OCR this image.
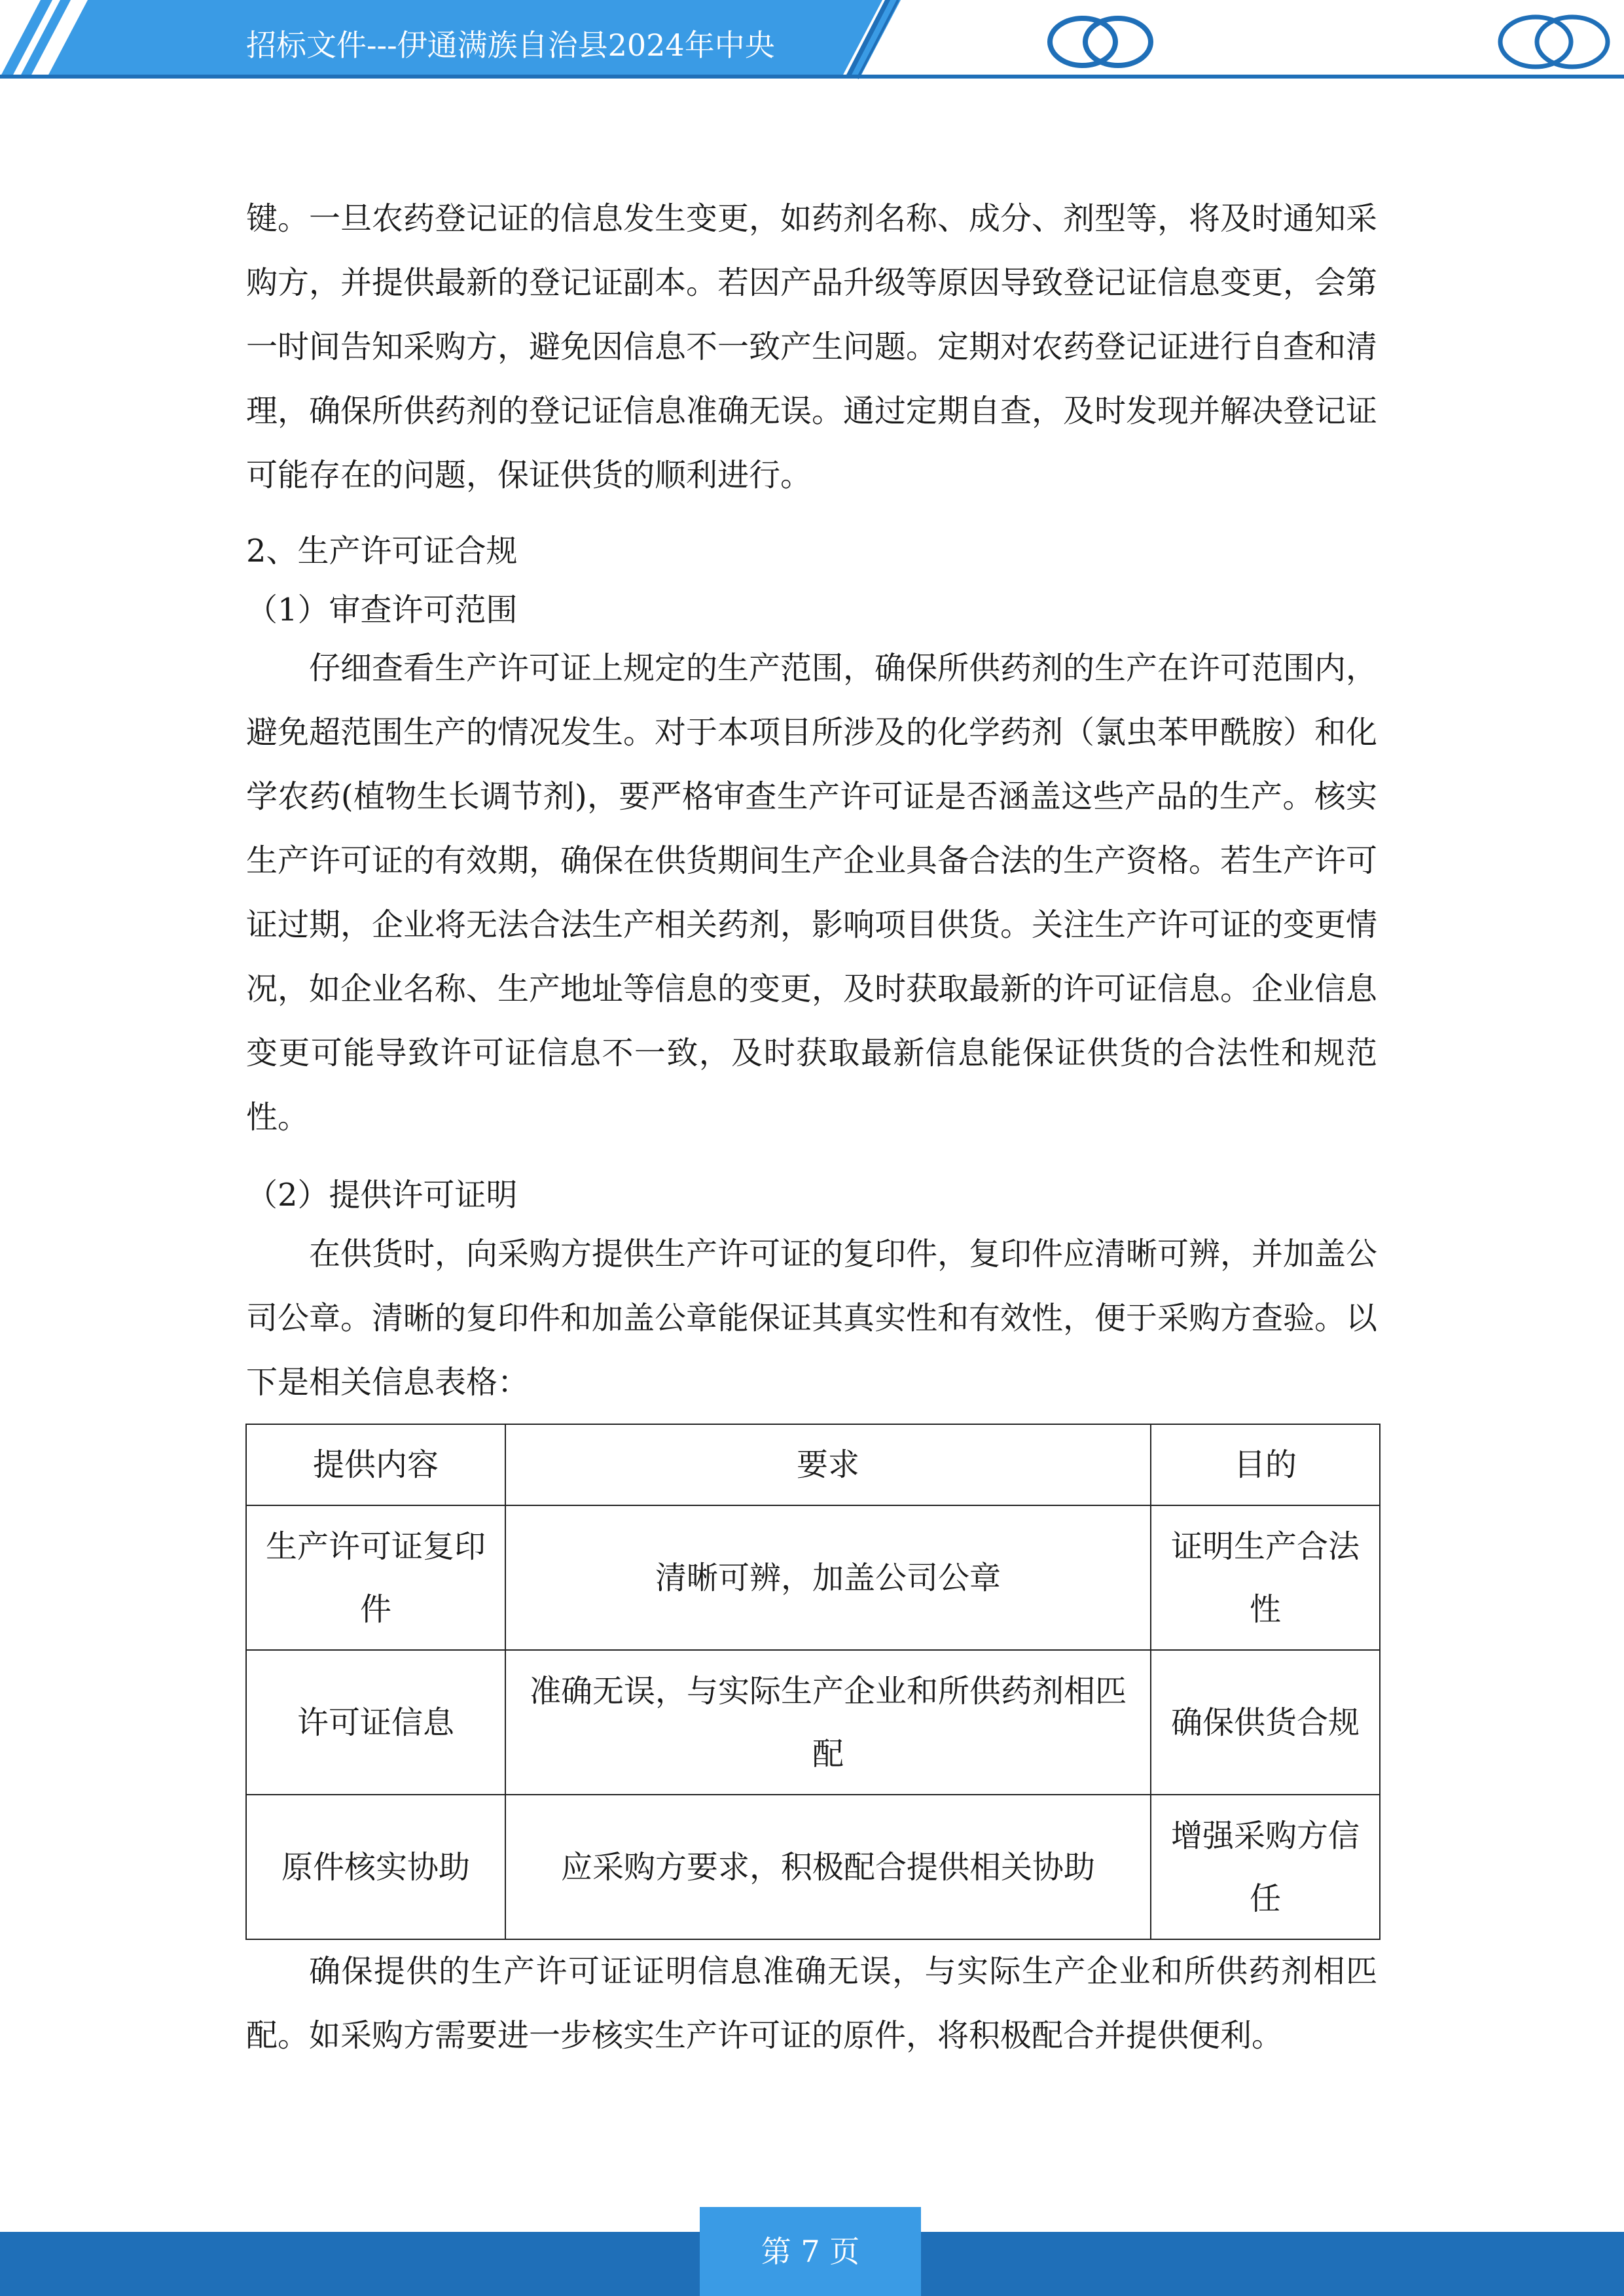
招标文件---伊通满族自治县2024年中央

键。一旦农药登记证的信息发生变更，如药剂名称、成分、剂型等，将及时通知采购方，并提供最新的登记证副本。若因产品升级等原因导致登记证信息变更，会第一时间告知采购方，避免因信息不一致产生问题。定期对农药登记证进行自查和清理，确保所供药剂的登记证信息准确无误。通过定期自查，及时发现并解决登记证可能存在的问题，保证供货的顺利进行。

2、生产许可证合规

（1）审查许可范围

仔细查看生产许可证上规定的生产范围，确保所供药剂的生产在许可范围内，避免超范围生产的情况发生。对于本项目所涉及的化学药剂（氯虫苯甲酰胺）和化学农药(植物生长调节剂)，要严格审查生产许可证是否涵盖这些产品的生产。核实生产许可证的有效期，确保在供货期间生产企业具备合法的生产资格。若生产许可证过期，企业将无法合法生产相关药剂，影响项目供货。关注生产许可证的变更情况，如企业名称、生产地址等信息的变更，及时获取最新的许可证信息。企业信息变更可能导致许可证信息不一致，及时获取最新信息能保证供货的合法性和规范性。

（2）提供许可证明

在供货时，向采购方提供生产许可证的复印件，复印件应清晰可辨，并加盖公司公章。清晰的复印件和加盖公章能保证其真实性和有效性，便于采购方查验。以下是相关信息表格：

提供内容	要求	目的
生产许可证复印件	清晰可辨，加盖公司公章	证明生产合法性
许可证信息	准确无误，与实际生产企业和所供药剂相匹配	确保供货合规
原件核实协助	应采购方要求，积极配合提供相关协助	增强采购方信任

确保提供的生产许可证证明信息准确无误，与实际生产企业和所供药剂相匹配。如采购方需要进一步核实生产许可证的原件，将积极配合并提供便利。

第 7 页
